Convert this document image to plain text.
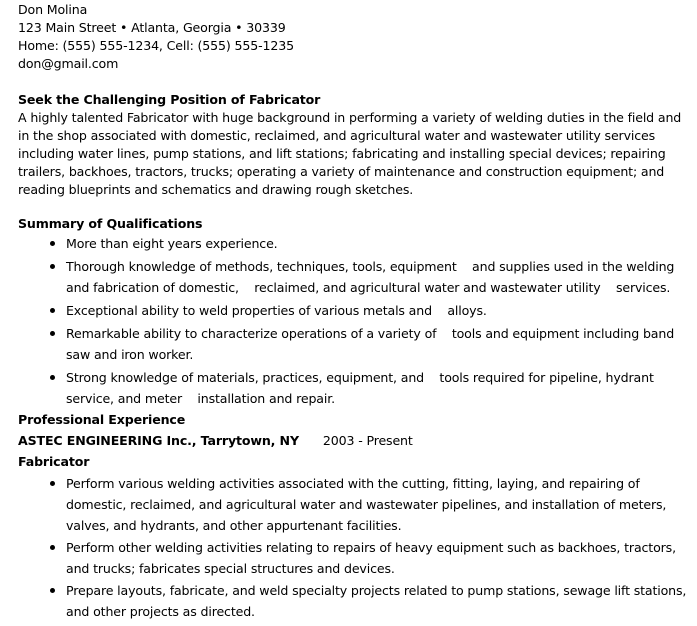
Don Molina
123 Main Street • Atlanta, Georgia • 30339
Home: (555) 555-1234, Cell: (555) 555-1235
don@gmail.com
Seek the Challenging Position of Fabricator
A highly talented Fabricator with huge background in performing a variety of welding duties in the field and
in the shop associated with domestic, reclaimed, and agricultural water and wastewater utility services
including water lines, pump stations, and lift stations; fabricating and installing special devices; repairing
trailers, backhoes, tractors, trucks; operating a variety of maintenance and construction equipment; and
reading blueprints and schematics and drawing rough sketches.
Summary of Qualifications
More than eight years experience.
Thorough knowledge of methods, techniques, tools, equipment    and supplies used in the welding
and fabrication of domestic,    reclaimed, and agricultural water and wastewater utility    services.
Exceptional ability to weld properties of various metals and    alloys.
Remarkable ability to characterize operations of a variety of    tools and equipment including band
saw and iron worker.
Strong knowledge of materials, practices, equipment, and    tools required for pipeline, hydrant
service, and meter    installation and repair.
Professional Experience
ASTEC ENGINEERING Inc., Tarrytown, NY 2003 - Present
Fabricator
Perform various welding activities associated with the cutting, fitting, laying, and repairing of
domestic, reclaimed, and agricultural water and wastewater pipelines, and installation of meters,
valves, and hydrants, and other appurtenant facilities.
Perform other welding activities relating to repairs of heavy equipment such as backhoes, tractors,
and trucks; fabricates special structures and devices.
Prepare layouts, fabricate, and weld specialty projects related to pump stations, sewage lift stations,
and other projects as directed.
